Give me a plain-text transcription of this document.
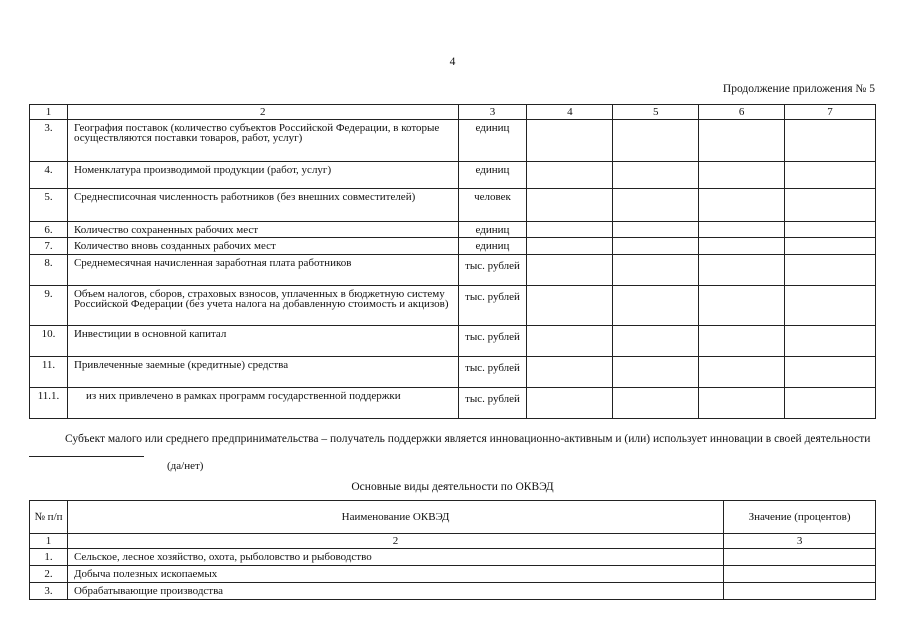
4
Продолжение приложения № 5
1	2	3	4	5	6	7
3.	География поставок (количество субъектов Российской Федерации, в которые осуществляются поставки товаров, работ, услуг)	единиц				
4.	Номенклатура производимой продукции (работ, услуг)	единиц				
5.	Среднесписочная численность работников (без внешних совместителей)	человек				
6.	Количество сохраненных рабочих мест	единиц				
7.	Количество вновь созданных рабочих мест	единиц				
8.	Среднемесячная начисленная заработная плата работников	тыс. рублей				
9.	Объем налогов, сборов, страховых взносов, уплаченных в бюджетную систему Российской Федерации (без учета налога на добавленную стоимость и акцизов)	тыс. рублей				
10.	Инвестиции в основной капитал	тыс. рублей				
11.	Привлеченные заемные (кредитные) средства	тыс. рублей				
11.1.	из них привлечено в рамках программ государственной поддержки	тыс. рублей				
Субъект малого или среднего предпринимательства – получатель поддержки является инновационно-активным и (или) использует инновации в своей деятельности
(да/нет)
Основные виды деятельности по ОКВЭД
№ п/п	Наименование ОКВЭД	Значение (процентов)
1	2	3
1.	Сельское, лесное хозяйство, охота, рыболовство и рыбоводство	
2.	Добыча полезных ископаемых	
3.	Обрабатывающие производства	
